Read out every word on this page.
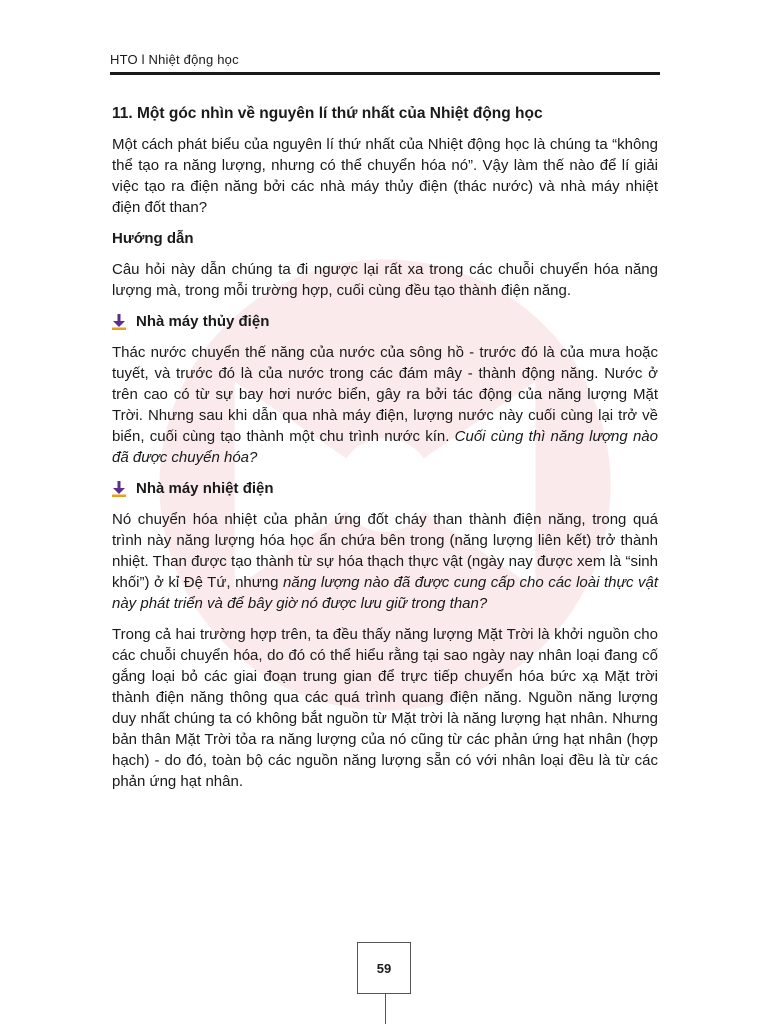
HTO l Nhiệt động học

11. Một góc nhìn về nguyên lí thứ nhất của Nhiệt động học

Một cách phát biểu của nguyên lí thứ nhất của Nhiệt động học là chúng ta “không thể tạo ra năng lượng, nhưng có thể chuyển hóa nó”. Vậy làm thế nào để lí giải việc tạo ra điện năng bởi các nhà máy thủy điện (thác nước) và nhà máy nhiệt điện đốt than?

Hướng dẫn

Câu hỏi này dẫn chúng ta đi ngược lại rất xa trong các chuỗi chuyển hóa năng lượng mà, trong mỗi trường hợp, cuối cùng đều tạo thành điện năng.

Nhà máy thủy điện

Thác nước chuyển thế năng của nước của sông hồ - trước đó là của mưa hoặc tuyết, và trước đó là của nước trong các đám mây - thành động năng. Nước ở trên cao có từ sự bay hơi nước biển, gây ra bởi tác động của năng lượng Mặt Trời. Nhưng sau khi dẫn qua nhà máy điện, lượng nước này cuối cùng lại trở về biển, cuối cùng tạo thành một chu trình nước kín. Cuối cùng thì năng lượng nào đã được chuyển hóa?

Nhà máy nhiệt điện

Nó chuyển hóa nhiệt của phản ứng đốt cháy than thành điện năng, trong quá trình này năng lượng hóa học ẩn chứa bên trong (năng lượng liên kết) trở thành nhiệt. Than được tạo thành từ sự hóa thạch thực vật (ngày nay được xem là “sinh khối”) ở kỉ Đệ Tứ, nhưng năng lượng nào đã được cung cấp cho các loài thực vật này phát triển và để bây giờ nó được lưu giữ trong than?

Trong cả hai trường hợp trên, ta đều thấy năng lượng Mặt Trời là khởi nguồn cho các chuỗi chuyển hóa, do đó có thể hiểu rằng tại sao ngày nay nhân loại đang cố gắng loại bỏ các giai đoạn trung gian để trực tiếp chuyển hóa bức xạ Mặt trời thành điện năng thông qua các quá trình quang điện năng. Nguồn năng lượng duy nhất chúng ta có không bắt nguồn từ Mặt trời là năng lượng hạt nhân. Nhưng bản thân Mặt Trời tỏa ra năng lượng của nó cũng từ các phản ứng hạt nhân (hợp hạch) - do đó, toàn bộ các nguồn năng lượng sẵn có với nhân loại đều là từ các phản ứng hạt nhân.

59
